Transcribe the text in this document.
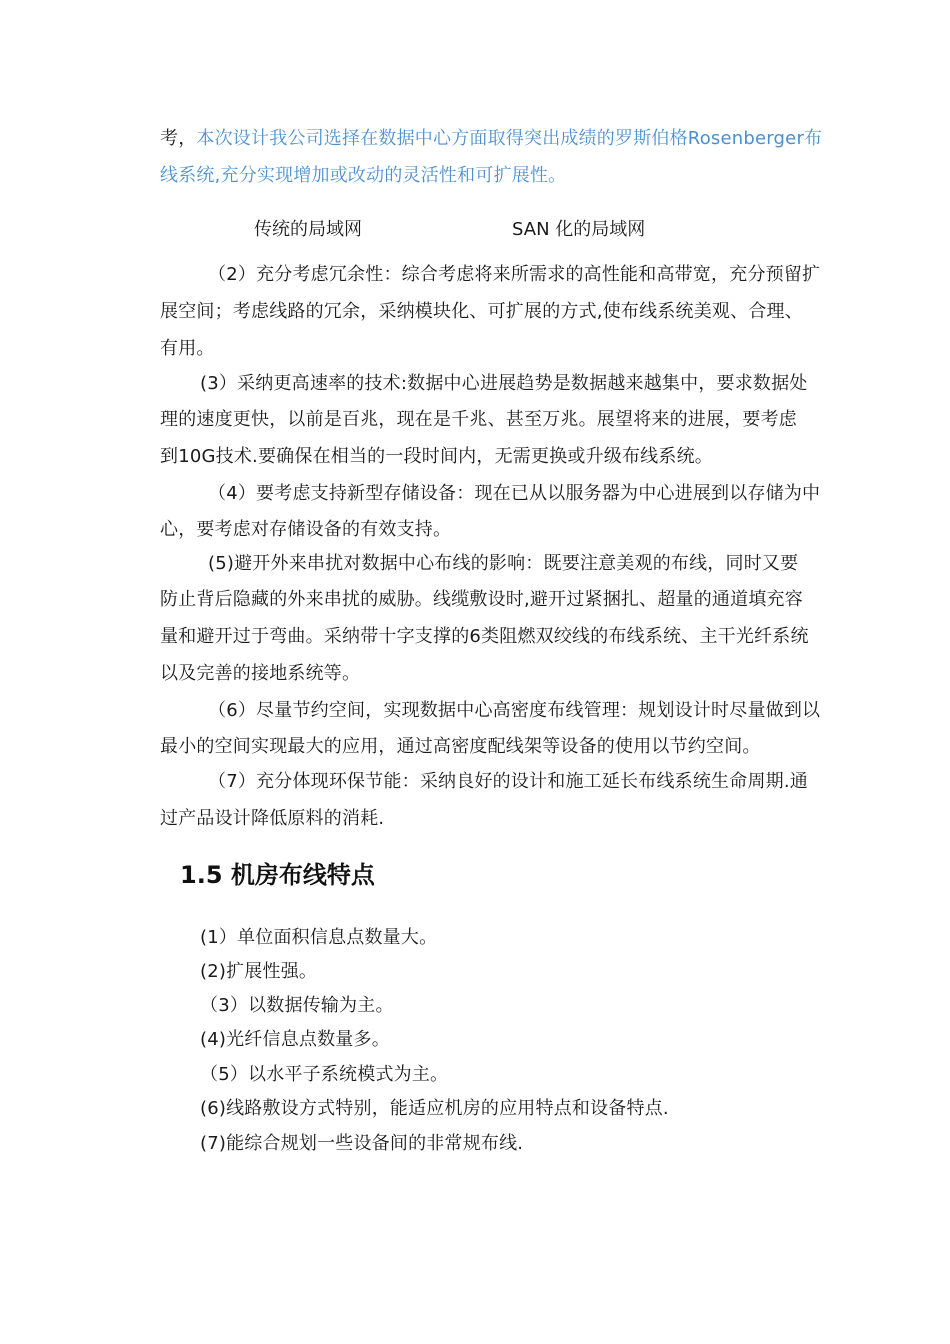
考，本次设计我公司选择在数据中心方面取得突出成绩的罗斯伯格Rosenberger布
线系统,充分实现增加或改动的灵活性和可扩展性。
传统的局域网	SAN 化的局域网
（2）充分考虑冗余性：综合考虑将来所需求的高性能和高带宽，充分预留扩
展空间；考虑线路的冗余，采纳模块化、可扩展的方式,使布线系统美观、合理、
有用。
(3）采纳更高速率的技术:数据中心进展趋势是数据越来越集中，要求数据处
理的速度更快，以前是百兆，现在是千兆、甚至万兆。展望将来的进展，要考虑
到10G技术.要确保在相当的一段时间内，无需更换或升级布线系统。
（4）要考虑支持新型存储设备：现在已从以服务器为中心进展到以存储为中
心，要考虑对存储设备的有效支持。
(5)避开外来串扰对数据中心布线的影响：既要注意美观的布线，同时又要
防止背后隐藏的外来串扰的威胁。线缆敷设时,避开过紧捆扎、超量的通道填充容
量和避开过于弯曲。采纳带十字支撑的6类阻燃双绞线的布线系统、主干光纤系统
以及完善的接地系统等。
（6）尽量节约空间，实现数据中心高密度布线管理：规划设计时尽量做到以
最小的空间实现最大的应用，通过高密度配线架等设备的使用以节约空间。
（7）充分体现环保节能：采纳良好的设计和施工延长布线系统生命周期.通
过产品设计降低原料的消耗.
1.5 机房布线特点
(1）单位面积信息点数量大。
(2)扩展性强。
（3）以数据传输为主。
(4)光纤信息点数量多。
（5）以水平子系统模式为主。
(6)线路敷设方式特别，能适应机房的应用特点和设备特点.
(7)能综合规划一些设备间的非常规布线.
